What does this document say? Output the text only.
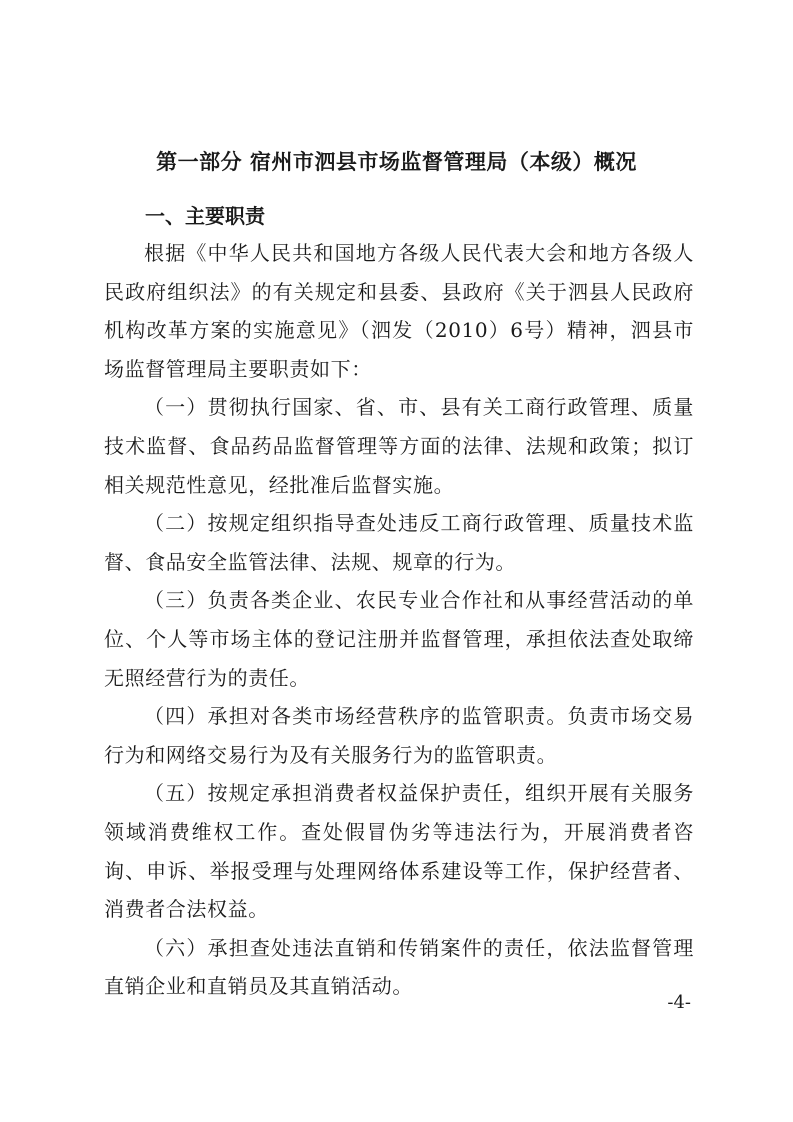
第一部分 宿州市泗县市场监督管理局（本级）概况
一、主要职责

根据《中华人民共和国地方各级人民代表大会和地方各级人民政府组织法》的有关规定和县委、县政府《关于泗县人民政府机构改革方案的实施意见》（泗发（2010）6号）精神，泗县市场监督管理局主要职责如下：

（一）贯彻执行国家、省、市、县有关工商行政管理、质量技术监督、食品药品监督管理等方面的法律、法规和政策；拟订相关规范性意见，经批准后监督实施。

（二）按规定组织指导查处违反工商行政管理、质量技术监督、食品安全监管法律、法规、规章的行为。

（三）负责各类企业、农民专业合作社和从事经营活动的单位、个人等市场主体的登记注册并监督管理，承担依法查处取缔无照经营行为的责任。

（四）承担对各类市场经营秩序的监管职责。负责市场交易行为和网络交易行为及有关服务行为的监管职责。

（五）按规定承担消费者权益保护责任，组织开展有关服务领域消费维权工作。查处假冒伪劣等违法行为，开展消费者咨询、申诉、举报受理与处理网络体系建设等工作，保护经营者、消费者合法权益。

（六）承担查处违法直销和传销案件的责任，依法监督管理直销企业和直销员及其直销活动。

-4-
